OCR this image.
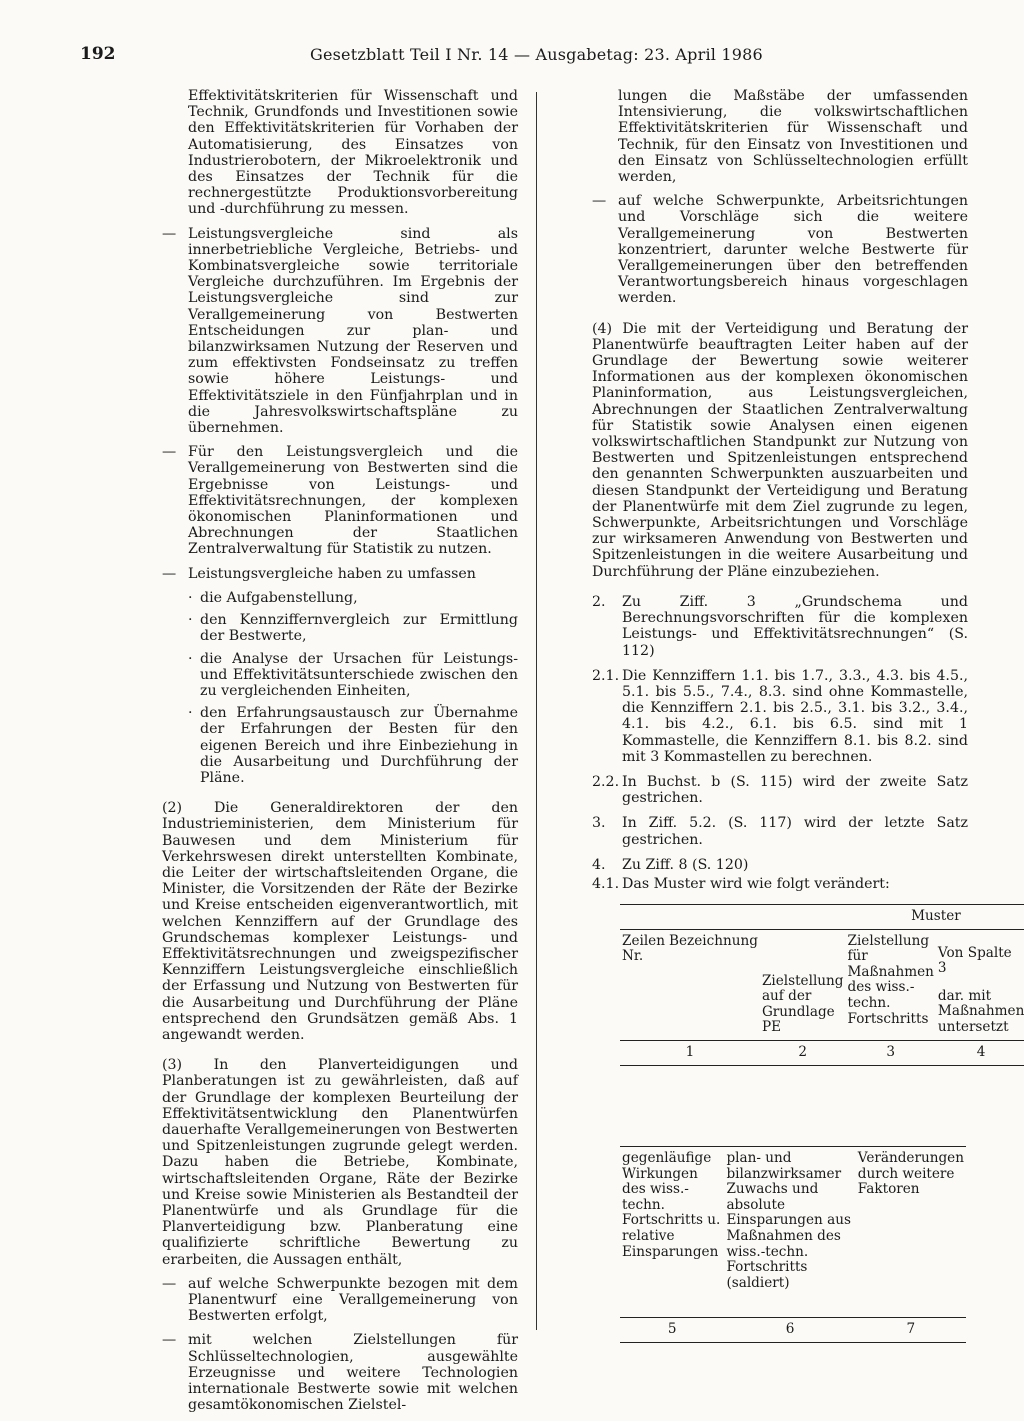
192	Gesetzblatt Teil I Nr. 14 — Ausgabetag: 23. April 1986

Effektivitätskriterien für Wissenschaft und Technik, Grundfonds und Investitionen sowie den Effektivitätskriterien für Vorhaben der Automatisierung, des Einsatzes von Industrierobotern, der Mikroelektronik und des Einsatzes der Technik für die rechnergestützte Produktionsvorbereitung und -durchführung zu messen.

— Leistungsvergleiche sind als innerbetriebliche Vergleiche, Betriebs- und Kombinatsvergleiche sowie territoriale Vergleiche durchzuführen. Im Ergebnis der Leistungsvergleiche sind zur Verallgemeinerung von Bestwerten Entscheidungen zur plan- und bilanzwirksamen Nutzung der Reserven und zum effektivsten Fondseinsatz zu treffen sowie höhere Leistungs- und Effektivitätsziele in den Fünfjahrplan und in die Jahresvolkswirtschaftspläne zu übernehmen.
— Für den Leistungsvergleich und die Verallgemeinerung von Bestwerten sind die Ergebnisse von Leistungs- und Effektivitätsrechnungen, der komplexen ökonomischen Planinformationen und Abrechnungen der Staatlichen Zentralverwaltung für Statistik zu nutzen.
— Leistungsvergleiche haben zu umfassen
· die Aufgabenstellung,
· den Kennziffernvergleich zur Ermittlung der Bestwerte,
· die Analyse der Ursachen für Leistungs- und Effektivitätsunterschiede zwischen den zu vergleichenden Einheiten,
· den Erfahrungsaustausch zur Übernahme der Erfahrungen der Besten für den eigenen Bereich und ihre Einbeziehung in die Ausarbeitung und Durchführung der Pläne.

(2) Die Generaldirektoren der den Industrieministerien, dem Ministerium für Bauwesen und dem Ministerium für Verkehrswesen direkt unterstellten Kombinate, die Leiter der wirtschaftsleitenden Organe, die Minister, die Vorsitzenden der Räte der Bezirke und Kreise entscheiden eigenverantwortlich, mit welchen Kennziffern auf der Grundlage des Grundschemas komplexer Leistungs- und Effektivitätsrechnungen und zweigspezifischer Kennziffern Leistungsvergleiche einschließlich der Erfassung und Nutzung von Bestwerten für die Ausarbeitung und Durchführung der Pläne entsprechend den Grundsätzen gemäß Abs. 1 angewandt werden.

(3) In den Planverteidigungen und Planberatungen ist zu gewährleisten, daß auf der Grundlage der komplexen Beurteilung der Effektivitätsentwicklung den Planentwürfen dauerhafte Verallgemeinerungen von Bestwerten und Spitzenleistungen zugrunde gelegt werden. Dazu haben die Betriebe, Kombinate, wirtschaftsleitenden Organe, Räte der Bezirke und Kreise sowie Ministerien als Bestandteil der Planentwürfe und als Grundlage für die Planverteidigung bzw. Planberatung eine qualifizierte schriftliche Bewertung zu erarbeiten, die Aussagen enthält,

— auf welche Schwerpunkte bezogen mit dem Planentwurf eine Verallgemeinerung von Bestwerten erfolgt,
— mit welchen Zielstellungen für Schlüsseltechnologien, ausgewählte Erzeugnisse und weitere Technologien internationale Bestwerte sowie mit welchen gesamtökonomischen Zielstel-

lungen die Maßstäbe der umfassenden Intensivierung, die volkswirtschaftlichen Effektivitätskriterien für Wissenschaft und Technik, für den Einsatz von Investitionen und den Einsatz von Schlüsseltechnologien erfüllt werden,

— auf welche Schwerpunkte, Arbeitsrichtungen und Vorschläge sich die weitere Verallgemeinerung von Bestwerten konzentriert, darunter welche Bestwerte für Verallgemeinerungen über den betreffenden Verantwortungsbereich hinaus vorgeschlagen werden.

(4) Die mit der Verteidigung und Beratung der Planentwürfe beauftragten Leiter haben auf der Grundlage der Bewertung sowie weiterer Informationen aus der komplexen ökonomischen Planinformation, aus Leistungsvergleichen, Abrechnungen der Staatlichen Zentralverwaltung für Statistik sowie Analysen einen eigenen volkswirtschaftlichen Standpunkt zur Nutzung von Bestwerten und Spitzenleistungen entsprechend den genannten Schwerpunkten auszuarbeiten und diesen Standpunkt der Verteidigung und Beratung der Planentwürfe mit dem Ziel zugrunde zu legen, Schwerpunkte, Arbeitsrichtungen und Vorschläge zur wirksameren Anwendung von Bestwerten und Spitzenleistungen in die weitere Ausarbeitung und Durchführung der Pläne einzubeziehen.

2. Zu Ziff. 3 „Grundschema und Berechnungsvorschriften für die komplexen Leistungs- und Effektivitätsrechnungen“ (S. 112)
2.1. Die Kennziffern 1.1. bis 1.7., 3.3., 4.3. bis 4.5., 5.1. bis 5.5., 7.4., 8.3. sind ohne Kommastelle, die Kennziffern 2.1. bis 2.5., 3.1. bis 3.2., 3.4., 4.1. bis 4.2., 6.1. bis 6.5. sind mit 1 Kommastelle, die Kennziffern 8.1. bis 8.2. sind mit 3 Kommastellen zu berechnen.
2.2. In Buchst. b (S. 115) wird der zweite Satz gestrichen.
3. In Ziff. 5.2. (S. 117) wird der letzte Satz gestrichen.
4. Zu Ziff. 8 (S. 120)
4.1. Das Muster wird wie folgt verändert:
			Muster	
Zeilen Nr.	Bezeichnung	Zielstellung auf der Grundlage PE	Zielstellung für Maßnahmen des wiss.-techn. Fortschritts	Von Spalte 3
dar. mit Maßnahmen untersetzt

1		2	3	4
gegenläufige Wirkungen des wiss.-techn. Fortschritts u. relative Einsparungen	plan- und bilanzwirksamer Zuwachs und absolute Einsparungen aus Maßnahmen des wiss.-techn. Fortschritts (saldiert)	Veränderungen durch weitere Faktoren

5	6	7
